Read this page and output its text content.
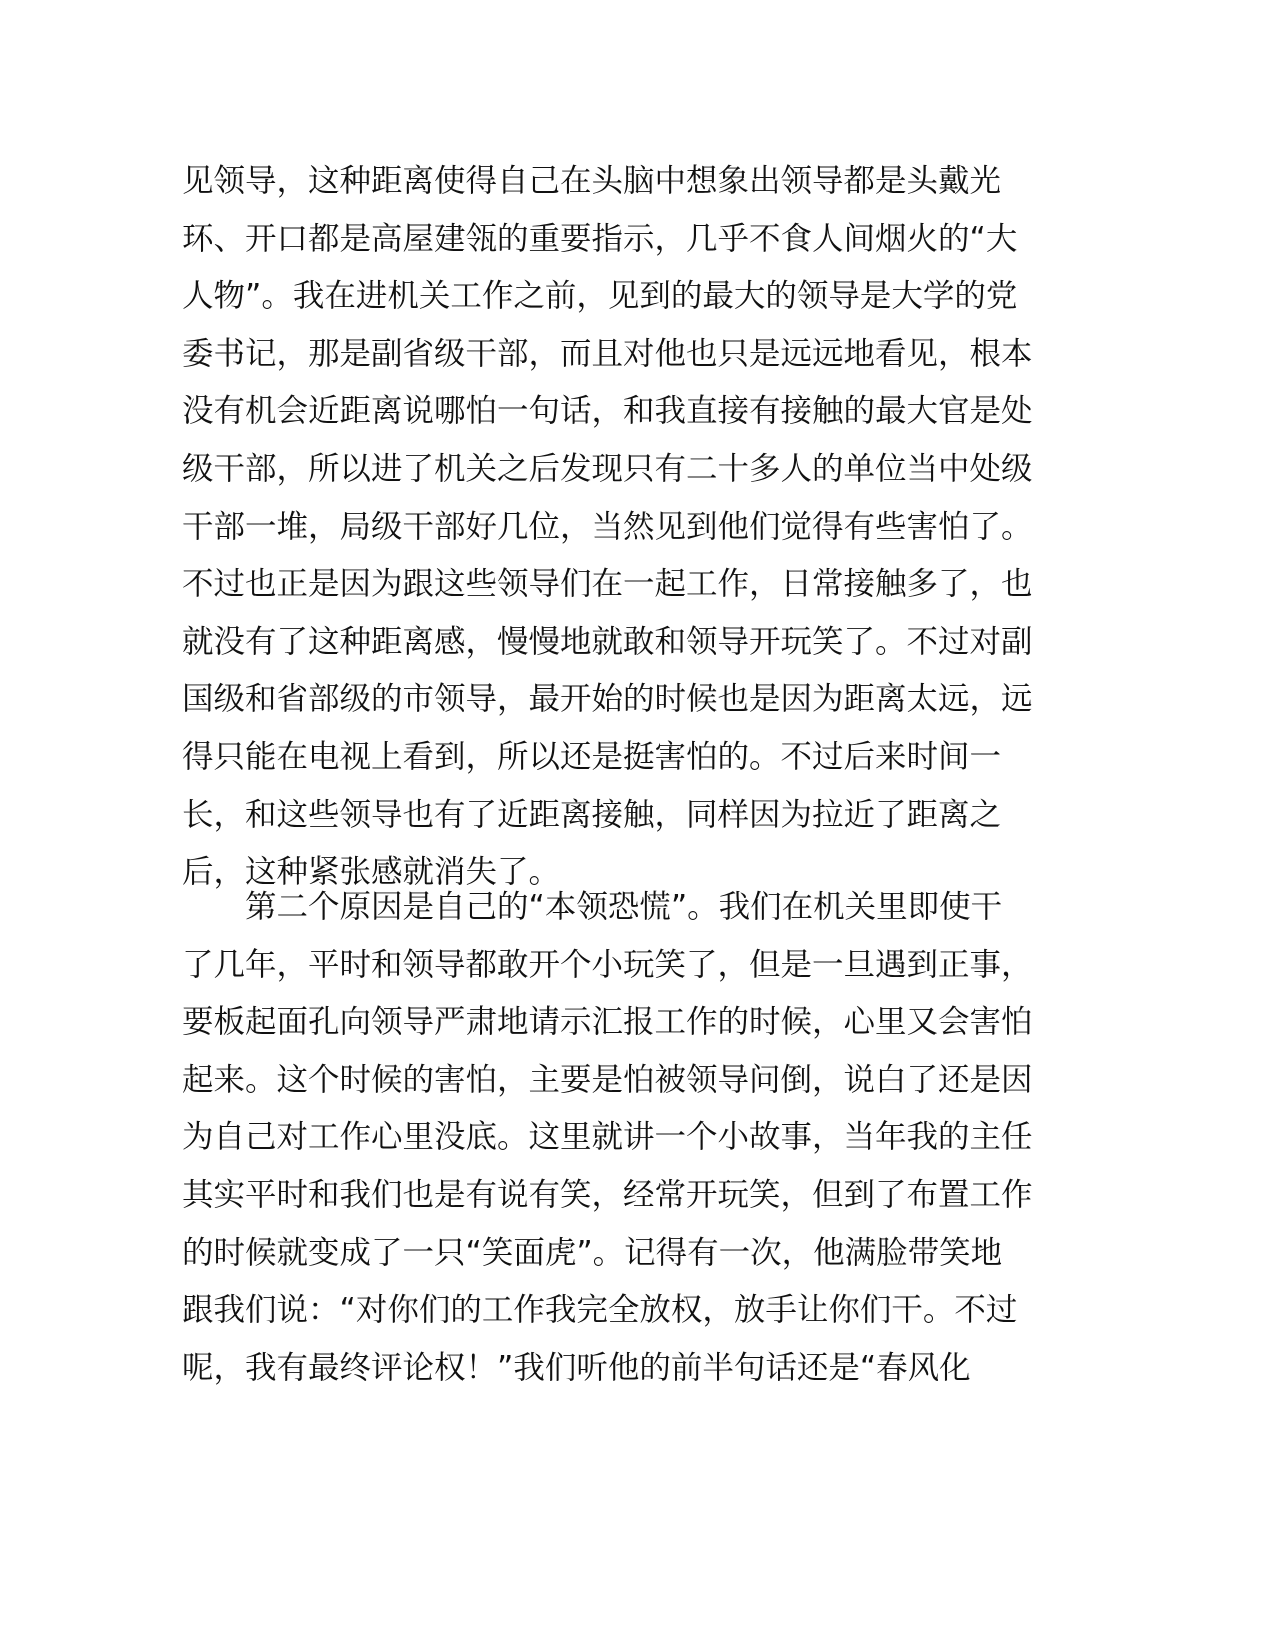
见领导，这种距离使得自己在头脑中想象出领导都是头戴光
环、开口都是高屋建瓴的重要指示，几乎不食人间烟火的“大
人物”。我在进机关工作之前，见到的最大的领导是大学的党
委书记，那是副省级干部，而且对他也只是远远地看见，根本
没有机会近距离说哪怕一句话，和我直接有接触的最大官是处
级干部，所以进了机关之后发现只有二十多人的单位当中处级
干部一堆，局级干部好几位，当然见到他们觉得有些害怕了。
不过也正是因为跟这些领导们在一起工作，日常接触多了，也
就没有了这种距离感，慢慢地就敢和领导开玩笑了。不过对副
国级和省部级的市领导，最开始的时候也是因为距离太远，远
得只能在电视上看到，所以还是挺害怕的。不过后来时间一
长，和这些领导也有了近距离接触，同样因为拉近了距离之
后，这种紧张感就消失了。
第二个原因是自己的“本领恐慌”。我们在机关里即使干
了几年，平时和领导都敢开个小玩笑了，但是一旦遇到正事，
要板起面孔向领导严肃地请示汇报工作的时候，心里又会害怕
起来。这个时候的害怕，主要是怕被领导问倒，说白了还是因
为自己对工作心里没底。这里就讲一个小故事，当年我的主任
其实平时和我们也是有说有笑，经常开玩笑，但到了布置工作
的时候就变成了一只“笑面虎”。记得有一次，他满脸带笑地
跟我们说：“对你们的工作我完全放权，放手让你们干。不过
呢，我有最终评论权！”我们听他的前半句话还是“春风化
